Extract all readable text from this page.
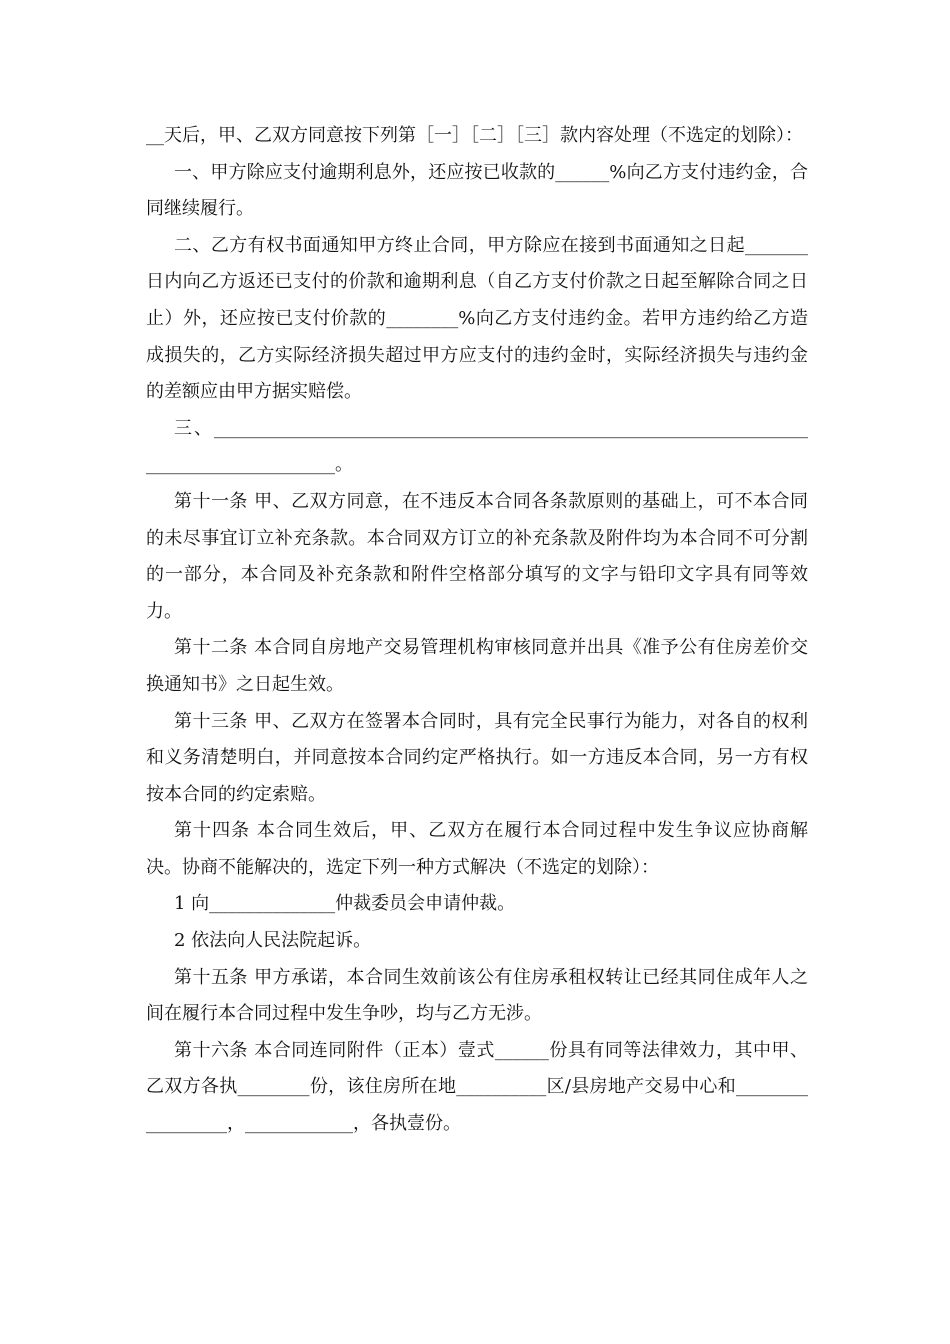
__天后，甲、乙双方同意按下列第［一］［二］［三］款内容处理（不选定的划除）：

一、甲方除应支付逾期利息外，还应按已收款的______%向乙方支付违约金，合同继续履行。

二、乙方有权书面通知甲方终止合同，甲方除应在接到书面通知之日起_______日内向乙方返还已支付的价款和逾期利息（自乙方支付价款之日起至解除合同之日止）外，还应按已支付价款的________%向乙方支付违约金。若甲方违约给乙方造成损失的，乙方实际经济损失超过甲方应支付的违约金时，实际经济损失与违约金的差额应由甲方据实赔偿。

三、_______________________________________________________________________________________。

第十一条 甲、乙双方同意，在不违反本合同各条款原则的基础上，可不本合同的未尽事宜订立补充条款。本合同双方订立的补充条款及附件均为本合同不可分割的一部分，本合同及补充条款和附件空格部分填写的文字与铅印文字具有同等效力。

第十二条 本合同自房地产交易管理机构审核同意并出具《准予公有住房差价交换通知书》之日起生效。

第十三条 甲、乙双方在签署本合同时，具有完全民事行为能力，对各自的权利和义务清楚明白，并同意按本合同约定严格执行。如一方违反本合同，另一方有权按本合同的约定索赔。

第十四条 本合同生效后，甲、乙双方在履行本合同过程中发生争议应协商解决。协商不能解决的，选定下列一种方式解决（不选定的划除）：

1 向______________仲裁委员会申请仲裁。

2 依法向人民法院起诉。

第十五条 甲方承诺，本合同生效前该公有住房承租权转让已经其同住成年人之间在履行本合同过程中发生争吵，均与乙方无涉。

第十六条 本合同连同附件（正本）壹式______份具有同等法律效力，其中甲、乙双方各执________份，该住房所在地__________区/县房地产交易中心和_________________，____________，各执壹份。
